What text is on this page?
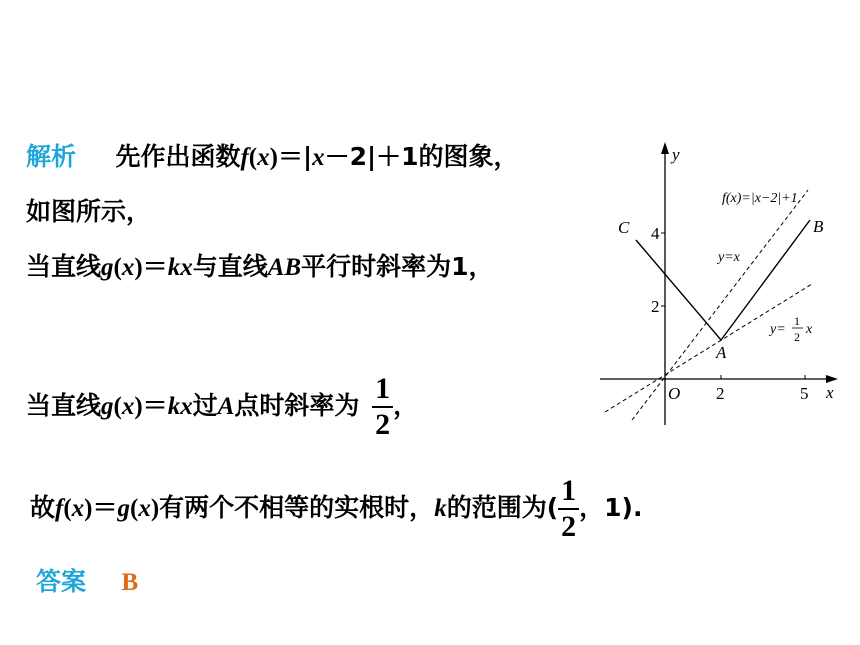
解析 先作出函数f(x)＝|x－2|＋1的图象，
如图所示，
当直线g(x)＝kx与直线AB平行时斜率为1，
当直线g(x)＝kx过A点时斜率为 $\frac{1}{2}$ ，
故f(x)＝g(x)有两个不相等的实根时，k的范围为( $\frac{1}{2}$ ，1).
答案 B
4
2
2	5
O	x
y
C	B
A
f(x)=|x−2|+1
y=x
y=
1
2 x
